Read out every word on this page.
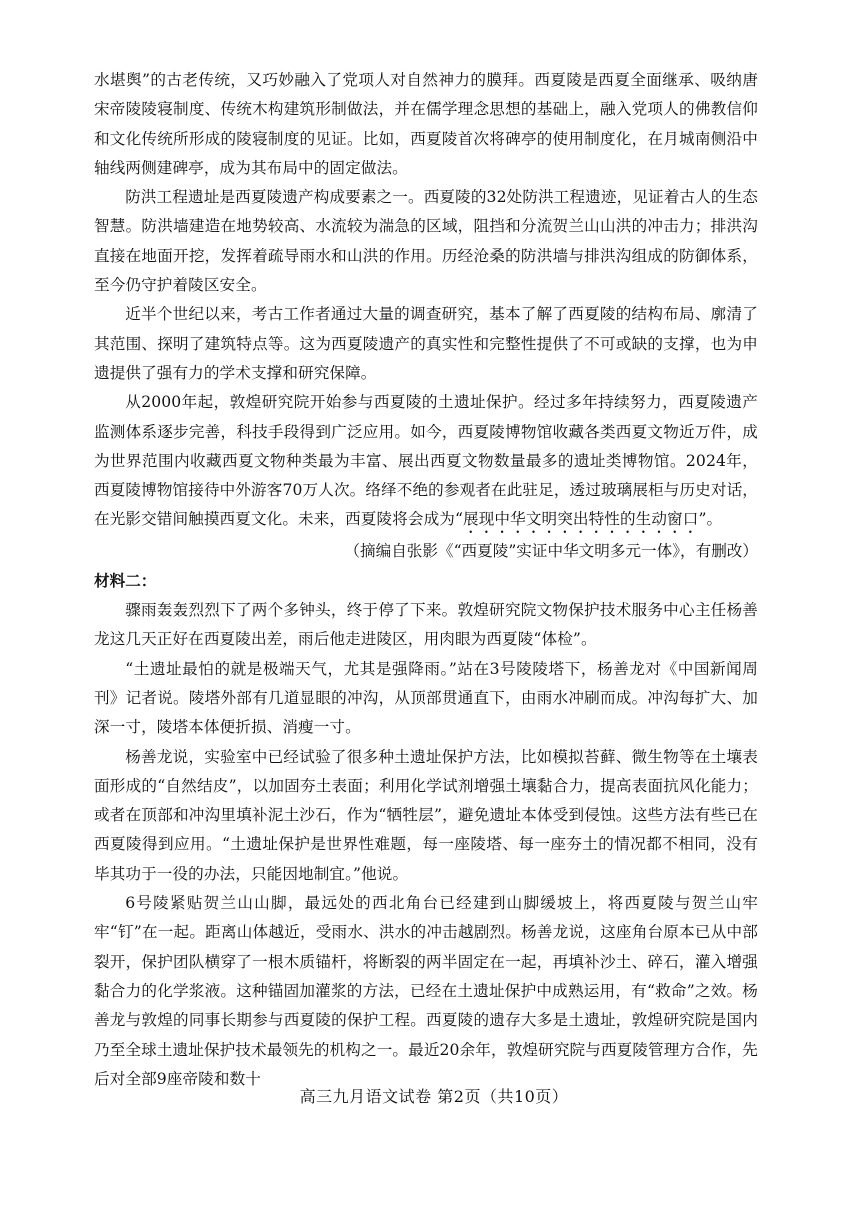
水堪舆”的古老传统，又巧妙融入了党项人对自然神力的膜拜。西夏陵是西夏全面继承、吸纳唐宋帝陵陵寝制度、传统木构建筑形制做法，并在儒学理念思想的基础上，融入党项人的佛教信仰和文化传统所形成的陵寝制度的见证。比如，西夏陵首次将碑亭的使用制度化，在月城南侧沿中轴线两侧建碑亭，成为其布局中的固定做法。

防洪工程遗址是西夏陵遗产构成要素之一。西夏陵的32处防洪工程遗迹，见证着古人的生态智慧。防洪墙建造在地势较高、水流较为湍急的区域，阻挡和分流贺兰山山洪的冲击力；排洪沟直接在地面开挖，发挥着疏导雨水和山洪的作用。历经沧桑的防洪墙与排洪沟组成的防御体系，至今仍守护着陵区安全。

近半个世纪以来，考古工作者通过大量的调查研究，基本了解了西夏陵的结构布局、廓清了其范围、探明了建筑特点等。这为西夏陵遗产的真实性和完整性提供了不可或缺的支撑，也为申遗提供了强有力的学术支撑和研究保障。

从2000年起，敦煌研究院开始参与西夏陵的土遗址保护。经过多年持续努力，西夏陵遗产监测体系逐步完善，科技手段得到广泛应用。如今，西夏陵博物馆收藏各类西夏文物近万件，成为世界范围内收藏西夏文物种类最为丰富、展出西夏文物数量最多的遗址类博物馆。2024年，西夏陵博物馆接待中外游客70万人次。络绎不绝的参观者在此驻足，透过玻璃展柜与历史对话，在光影交错间触摸西夏文化。未来，西夏陵将会成为“展现中华文明突出特性的生动窗口”。

（摘编自张影《“西夏陵”实证中华文明多元一体》，有删改）

材料二：

骤雨轰轰烈烈下了两个多钟头，终于停了下来。敦煌研究院文物保护技术服务中心主任杨善龙这几天正好在西夏陵出差，雨后他走进陵区，用肉眼为西夏陵“体检”。

“土遗址最怕的就是极端天气，尤其是强降雨。”站在3号陵陵塔下，杨善龙对《中国新闻周刊》记者说。陵塔外部有几道显眼的冲沟，从顶部贯通直下，由雨水冲刷而成。冲沟每扩大、加深一寸，陵塔本体便折损、消瘦一寸。

杨善龙说，实验室中已经试验了很多种土遗址保护方法，比如模拟苔藓、微生物等在土壤表面形成的“自然结皮”，以加固夯土表面；利用化学试剂增强土壤黏合力，提高表面抗风化能力；或者在顶部和冲沟里填补泥土沙石，作为“牺牲层”，避免遗址本体受到侵蚀。这些方法有些已在西夏陵得到应用。“土遗址保护是世界性难题，每一座陵塔、每一座夯土的情况都不相同，没有毕其功于一役的办法，只能因地制宜。”他说。

6号陵紧贴贺兰山山脚，最远处的西北角台已经建到山脚缓坡上，将西夏陵与贺兰山牢牢“钉”在一起。距离山体越近，受雨水、洪水的冲击越剧烈。杨善龙说，这座角台原本已从中部裂开，保护团队横穿了一根木质锚杆，将断裂的两半固定在一起，再填补沙土、碎石，灌入增强黏合力的化学浆液。这种锚固加灌浆的方法，已经在土遗址保护中成熟运用，有“救命”之效。杨善龙与敦煌的同事长期参与西夏陵的保护工程。西夏陵的遗存大多是土遗址，敦煌研究院是国内乃至全球土遗址保护技术最领先的机构之一。最近20余年，敦煌研究院与西夏陵管理方合作，先后对全部9座帝陵和数十

高三九月语文试卷 第2页（共10页）
